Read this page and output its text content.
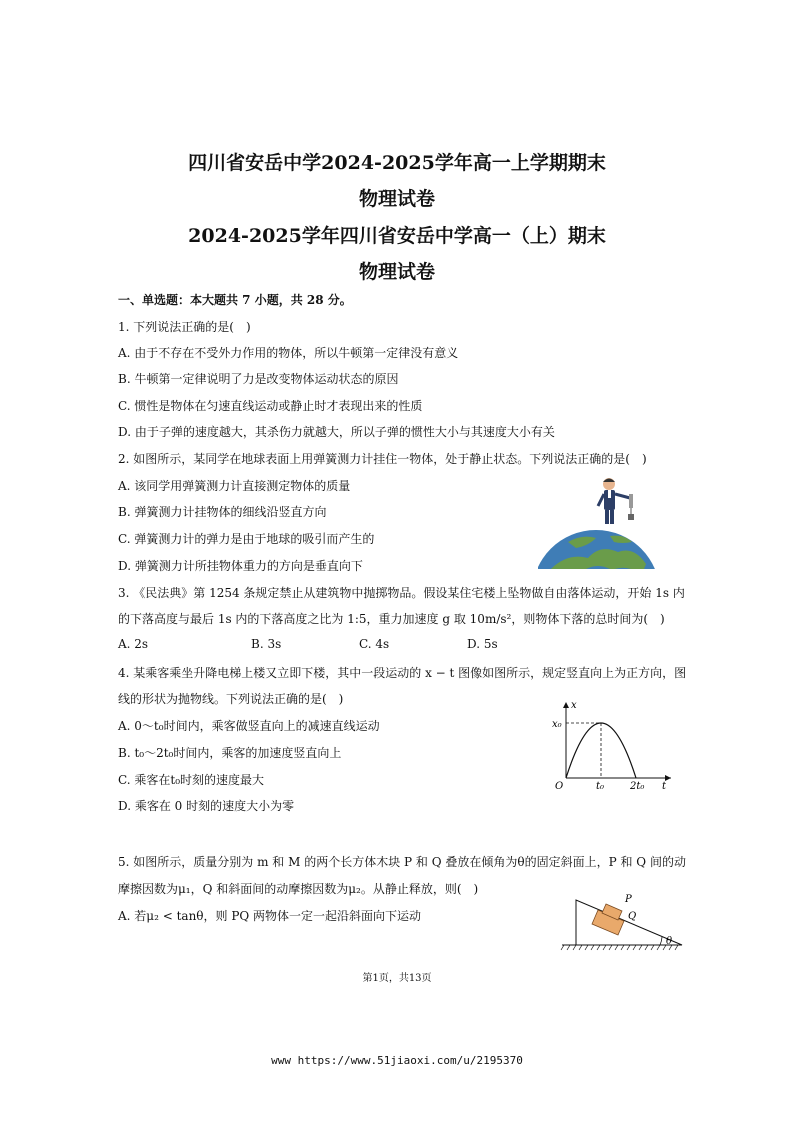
四川省安岳中学2024-2025学年高一上学期期末
物理试卷
2024-2025学年四川省安岳中学高一（上）期末
物理试卷
一、单选题：本大题共 7 小题，共 28 分。
1. 下列说法正确的是(　)
A. 由于不存在不受外力作用的物体，所以牛顿第一定律没有意义
B. 牛顿第一定律说明了力是改变物体运动状态的原因
C. 惯性是物体在匀速直线运动或静止时才表现出来的性质
D. 由于子弹的速度越大，其杀伤力就越大，所以子弹的惯性大小与其速度大小有关
2. 如图所示，某同学在地球表面上用弹簧测力计挂住一物体，处于静止状态。下列说法正确的是(　)
A. 该同学用弹簧测力计直接测定物体的质量
B. 弹簧测力计挂物体的细线沿竖直方向
C. 弹簧测力计的弹力是由于地球的吸引而产生的
D. 弹簧测力计所挂物体重力的方向是垂直向下
3. 《民法典》第 1254 条规定禁止从建筑物中抛掷物品。假设某住宅楼上坠物做自由落体运动，开始 1s 内
的下落高度与最后 1s 内的下落高度之比为 1:5，重力加速度 g 取 10m/s²，则物体下落的总时间为(　)
A. 2s	B. 3s	C. 4s	D. 5s
4. 某乘客乘坐升降电梯上楼又立即下楼，其中一段运动的 x − t 图像如图所示，规定竖直向上为正方向，图
线的形状为抛物线。下列说法正确的是(　)
A. 0～t₀时间内，乘客做竖直向上的减速直线运动
B. t₀～2t₀时间内，乘客的加速度竖直向上
C. 乘客在t₀时刻的速度最大
D. 乘客在 0 时刻的速度大小为零
x
x₀
O	t₀	2t₀ t
5. 如图所示，质量分别为 m 和 M 的两个长方体木块 P 和 Q 叠放在倾角为θ的固定斜面上，P 和 Q 间的动
摩擦因数为μ₁，Q 和斜面间的动摩擦因数为μ₂。从静止释放，则(　)
A. 若μ₂ < tanθ，则 PQ 两物体一定一起沿斜面向下运动
P
Q
θ
第1页，共13页
www https://www.51jiaoxi.com/u/2195370
